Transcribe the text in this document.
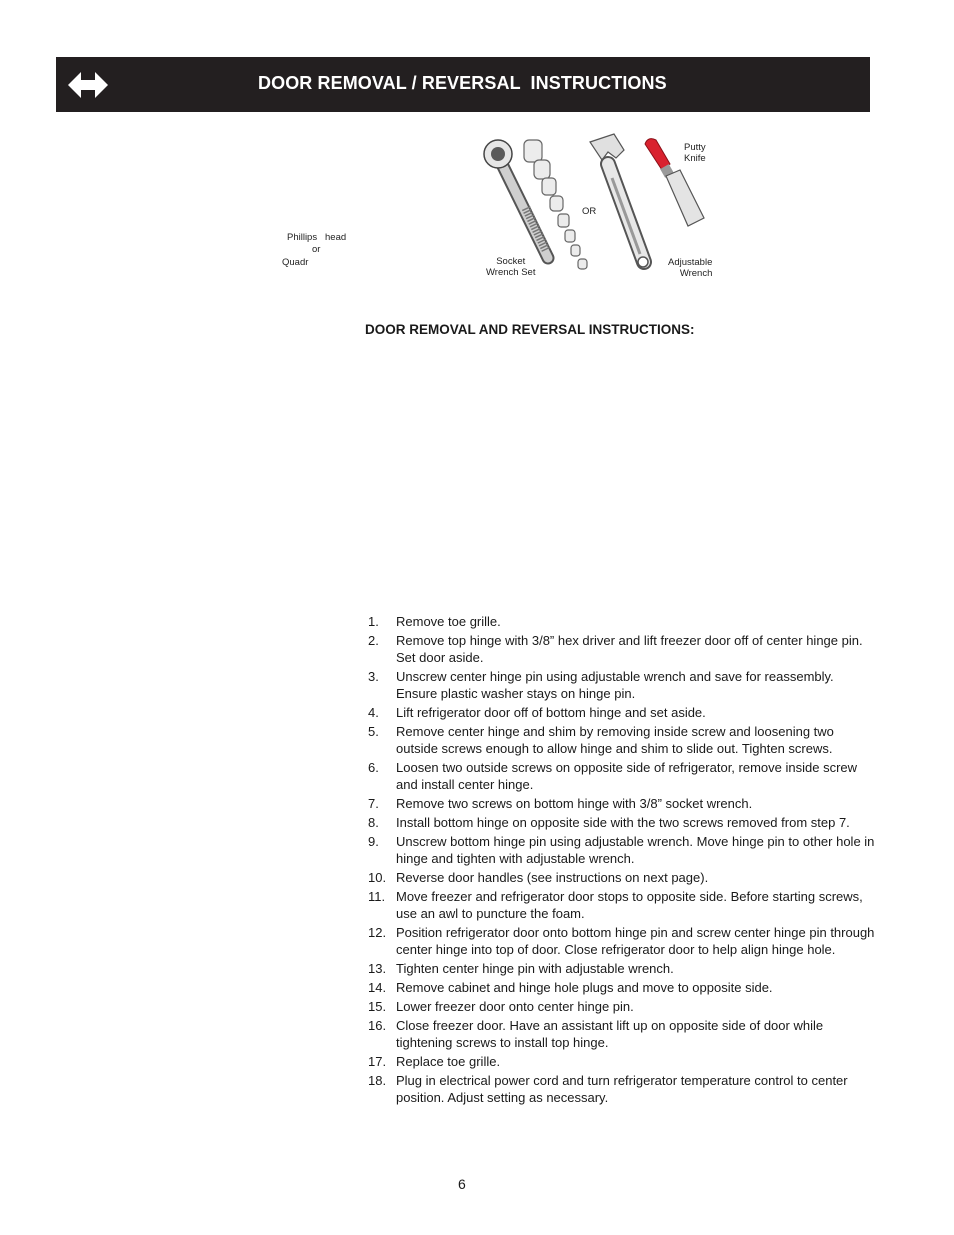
DOOR REMOVAL / REVERSAL  INSTRUCTIONS
Phillips   head
or
Quadr	Socket
Wrench Set
OR
Putty
Knife
Adjustable
Wrench
DOOR REMOVAL AND REVERSAL INSTRUCTIONS:
1.	Remove toe grille.
2.	Remove top hinge with 3/8” hex driver and lift freezer door off of center hinge pin. Set door aside.
3.	Unscrew center hinge pin using adjustable wrench and save for reassembly. Ensure plastic washer stays on hinge pin.
4.	Lift refrigerator door off of bottom hinge and set aside.
5.	Remove center hinge and shim by removing inside screw and loosening two outside screws enough to allow hinge and shim to slide out. Tighten screws.
6.	Loosen two outside screws on opposite side of refrigerator, remove inside screw and install center hinge.
7.	Remove two screws on bottom hinge with 3/8” socket wrench.
8.	Install bottom hinge on opposite side with the two screws removed from step 7.
9.	Unscrew bottom hinge pin using adjustable wrench. Move hinge pin to other hole in hinge and tighten with adjustable wrench.
10. Reverse door handles (see instructions on next page).
11. Move freezer and refrigerator door stops to opposite side. Before starting screws, use an awl to puncture the foam.
12. Position refrigerator door onto bottom hinge pin and screw center hinge pin through center hinge into top of door. Close refrigerator door to help align hinge hole.
13. Tighten center hinge pin with adjustable wrench.
14. Remove cabinet and hinge hole plugs and move to opposite side.
15. Lower freezer door onto center hinge pin.
16. Close freezer door. Have an assistant lift up on opposite side of door while tightening screws to install top hinge.
17. Replace toe grille.
18. Plug in electrical power cord and turn refrigerator temperature control to center position. Adjust setting as necessary.
6
